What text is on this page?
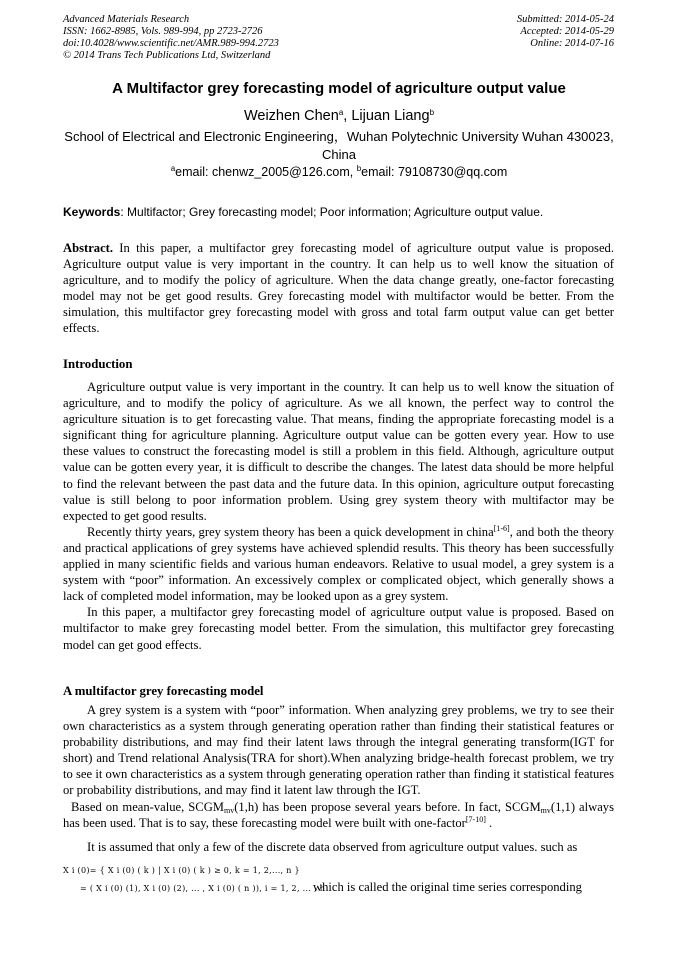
Advanced Materials Research
ISSN: 1662-8985, Vols. 989-994, pp 2723-2726
doi:10.4028/www.scientific.net/AMR.989-994.2723
© 2014 Trans Tech Publications Ltd, Switzerland
Submitted: 2014-05-24
Accepted: 2014-05-29
Online: 2014-07-16
A Multifactor grey forecasting model of agriculture output value
Weizhen Chen$^a$, Lijuan Liang$^b$
School of Electrical and Electronic Engineering，Wuhan Polytechnic University Wuhan 430023, China
$^a$email: chenwz_2005@126.com, $^b$email: 79108730@qq.com
Keywords: Multifactor; Grey forecasting model; Poor information; Agriculture output value.

Abstract. In this paper, a multifactor grey forecasting model of agriculture output value is proposed. Agriculture output value is very important in the country. It can help us to well know the situation of agriculture, and to modify the policy of agriculture. When the data change greatly, one-factor forecasting model may not be get good results. Grey forecasting model with multifactor would be better. From the simulation, this multifactor grey forecasting model with gross and total farm output value can get better effects.

Introduction

Agriculture output value is very important in the country. It can help us to well know the situation of agriculture, and to modify the policy of agriculture. As we all known, the perfect way to control the agriculture situation is to get forecasting value. That means, finding the appropriate forecasting model is a significant thing for agriculture planning. Agriculture output value can be gotten every year. How to use these values to construct the forecasting model is still a problem in this field. Although, agriculture output value can be gotten every year, it is difficult to describe the changes. The latest data should be more helpful to find the relevant between the past data and the future data. In this opinion, agriculture output forecasting value is still belong to poor information problem. Using grey system theory with multifactor may be expected to get good results.

Recently thirty years, grey system theory has been a quick development in china[1-6], and both the theory and practical applications of grey systems have achieved splendid results. This theory has been successfully applied in many scientific fields and various human endeavors. Relative to usual model, a grey system is a system with “poor” information. An excessively complex or complicated object, which generally shows a lack of completed model information, may be looked upon as a grey system.

In this paper, a multifactor grey forecasting model of agriculture output value is proposed. Based on multifactor to make grey forecasting model better. From the simulation, this multifactor grey forecasting model can get good effects.

A multifactor grey forecasting model

A grey system is a system with “poor” information. When analyzing grey problems, we try to see their own characteristics as a system through generating operation rather than finding their statistical features or probability distributions, and may find their latent laws through the integral generating transform(IGT for short) and Trend relational Analysis(TRA for short).When analyzing bridge-health forecast problem, we try to see it own characteristics as a system through generating operation rather than finding it statistical features or probability distributions, and may find it latent law through the IGT.

Based on mean-value, $SCGM_{mv}(1,h)$ has been propose several years before. In fact, $SCGM_{mv}(1,1)$ always has been used. That is to say, these forecasting model were built with one-factor[7-10] .

It is assumed that only a few of the discrete data observed from agriculture output values. such as

X i (0)= { X i (0) ( k ) | X i (0) ( k ) ≥ 0, k = 1, 2,..., n }
= ( X i (0) (1), X i (0) (2), ... , X i (0) ( n )), i = 1, 2, ... , h
which is called the original time series corresponding
